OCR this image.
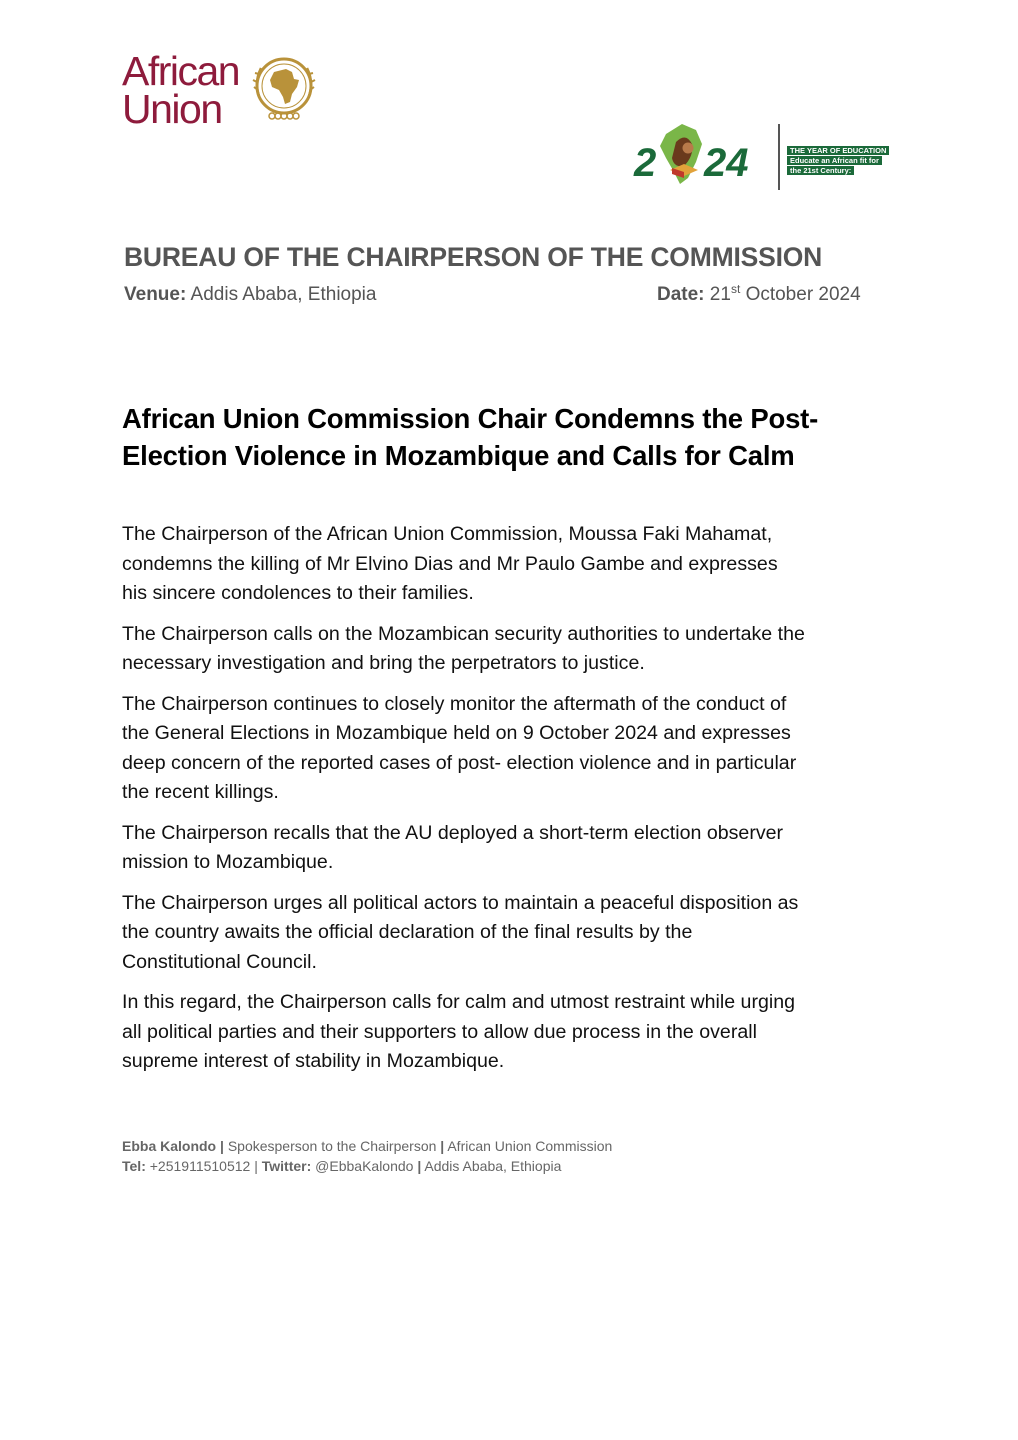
African
Union
2 24	THE YEAR OF EDUCATION
Educate an African fit for
the 21st Century:
BUREAU OF THE CHAIRPERSON OF THE COMMISSION
Venue: Addis Ababa, Ethiopia	Date: 21st October 2024
African Union Commission Chair Condemns the Post-
Election Violence in Mozambique and Calls for Calm

The Chairperson of the African Union Commission, Moussa Faki Mahamat,
condemns the killing of Mr Elvino Dias and Mr Paulo Gambe and expresses
his sincere condolences to their families.

The Chairperson calls on the Mozambican security authorities to undertake the
necessary investigation and bring the perpetrators to justice.

The Chairperson continues to closely monitor the aftermath of the conduct of
the General Elections in Mozambique held on 9 October 2024 and expresses
deep concern of the reported cases of post- election violence and in particular
the recent killings.

The Chairperson recalls that the AU deployed a short-term election observer
mission to Mozambique.

The Chairperson urges all political actors to maintain a peaceful disposition as
the country awaits the official declaration of the final results by the
Constitutional Council.

In this regard, the Chairperson calls for calm and utmost restraint while urging
all political parties and their supporters to allow due process in the overall
supreme interest of stability in Mozambique.

Ebba Kalondo | Spokesperson to the Chairperson | African Union Commission
Tel: +251911510512 | Twitter: @EbbaKalondo | Addis Ababa, Ethiopia
